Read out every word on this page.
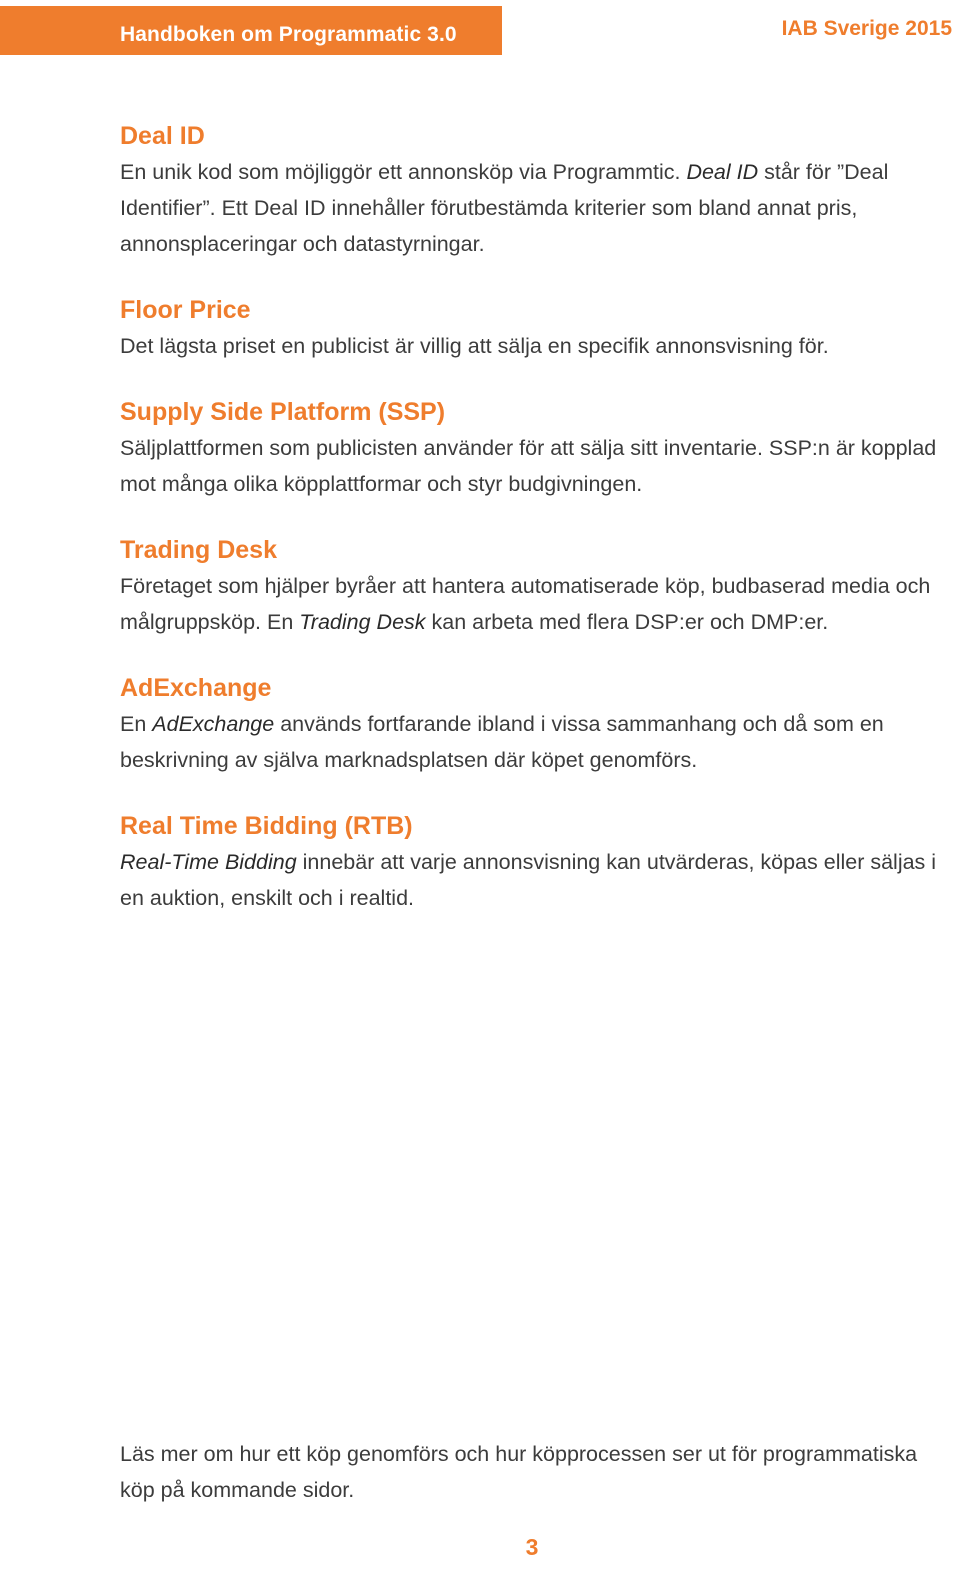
Handboken om Programmatic 3.0	IAB Sverige 2015
Deal ID

En unik kod som möjliggör ett annonsköp via Programmtic. Deal ID står för ”Deal Identifier”. Ett Deal ID innehåller förutbestämda kriterier som bland annat pris, annonsplaceringar och datastyrningar.

Floor Price

Det lägsta priset en publicist är villig att sälja en specifik annonsvisning för.

Supply Side Platform (SSP)

Säljplattformen som publicisten använder för att sälja sitt inventarie. SSP:n är kopplad mot många olika köpplattformar och styr budgivningen.

Trading Desk

Företaget som hjälper byråer att hantera automatiserade köp, budbaserad media och målgruppsköp. En Trading Desk kan arbeta med flera DSP:er och DMP:er.

AdExchange

En AdExchange används fortfarande ibland i vissa sammanhang och då som en beskrivning av själva marknadsplatsen där köpet genomförs.

Real Time Bidding (RTB)

Real-Time Bidding innebär att varje annonsvisning kan utvärderas, köpas eller säljas i en auktion, enskilt och i realtid.

Läs mer om hur ett köp genomförs och hur köpprocessen ser ut för programmatiska köp på kommande sidor.

3
